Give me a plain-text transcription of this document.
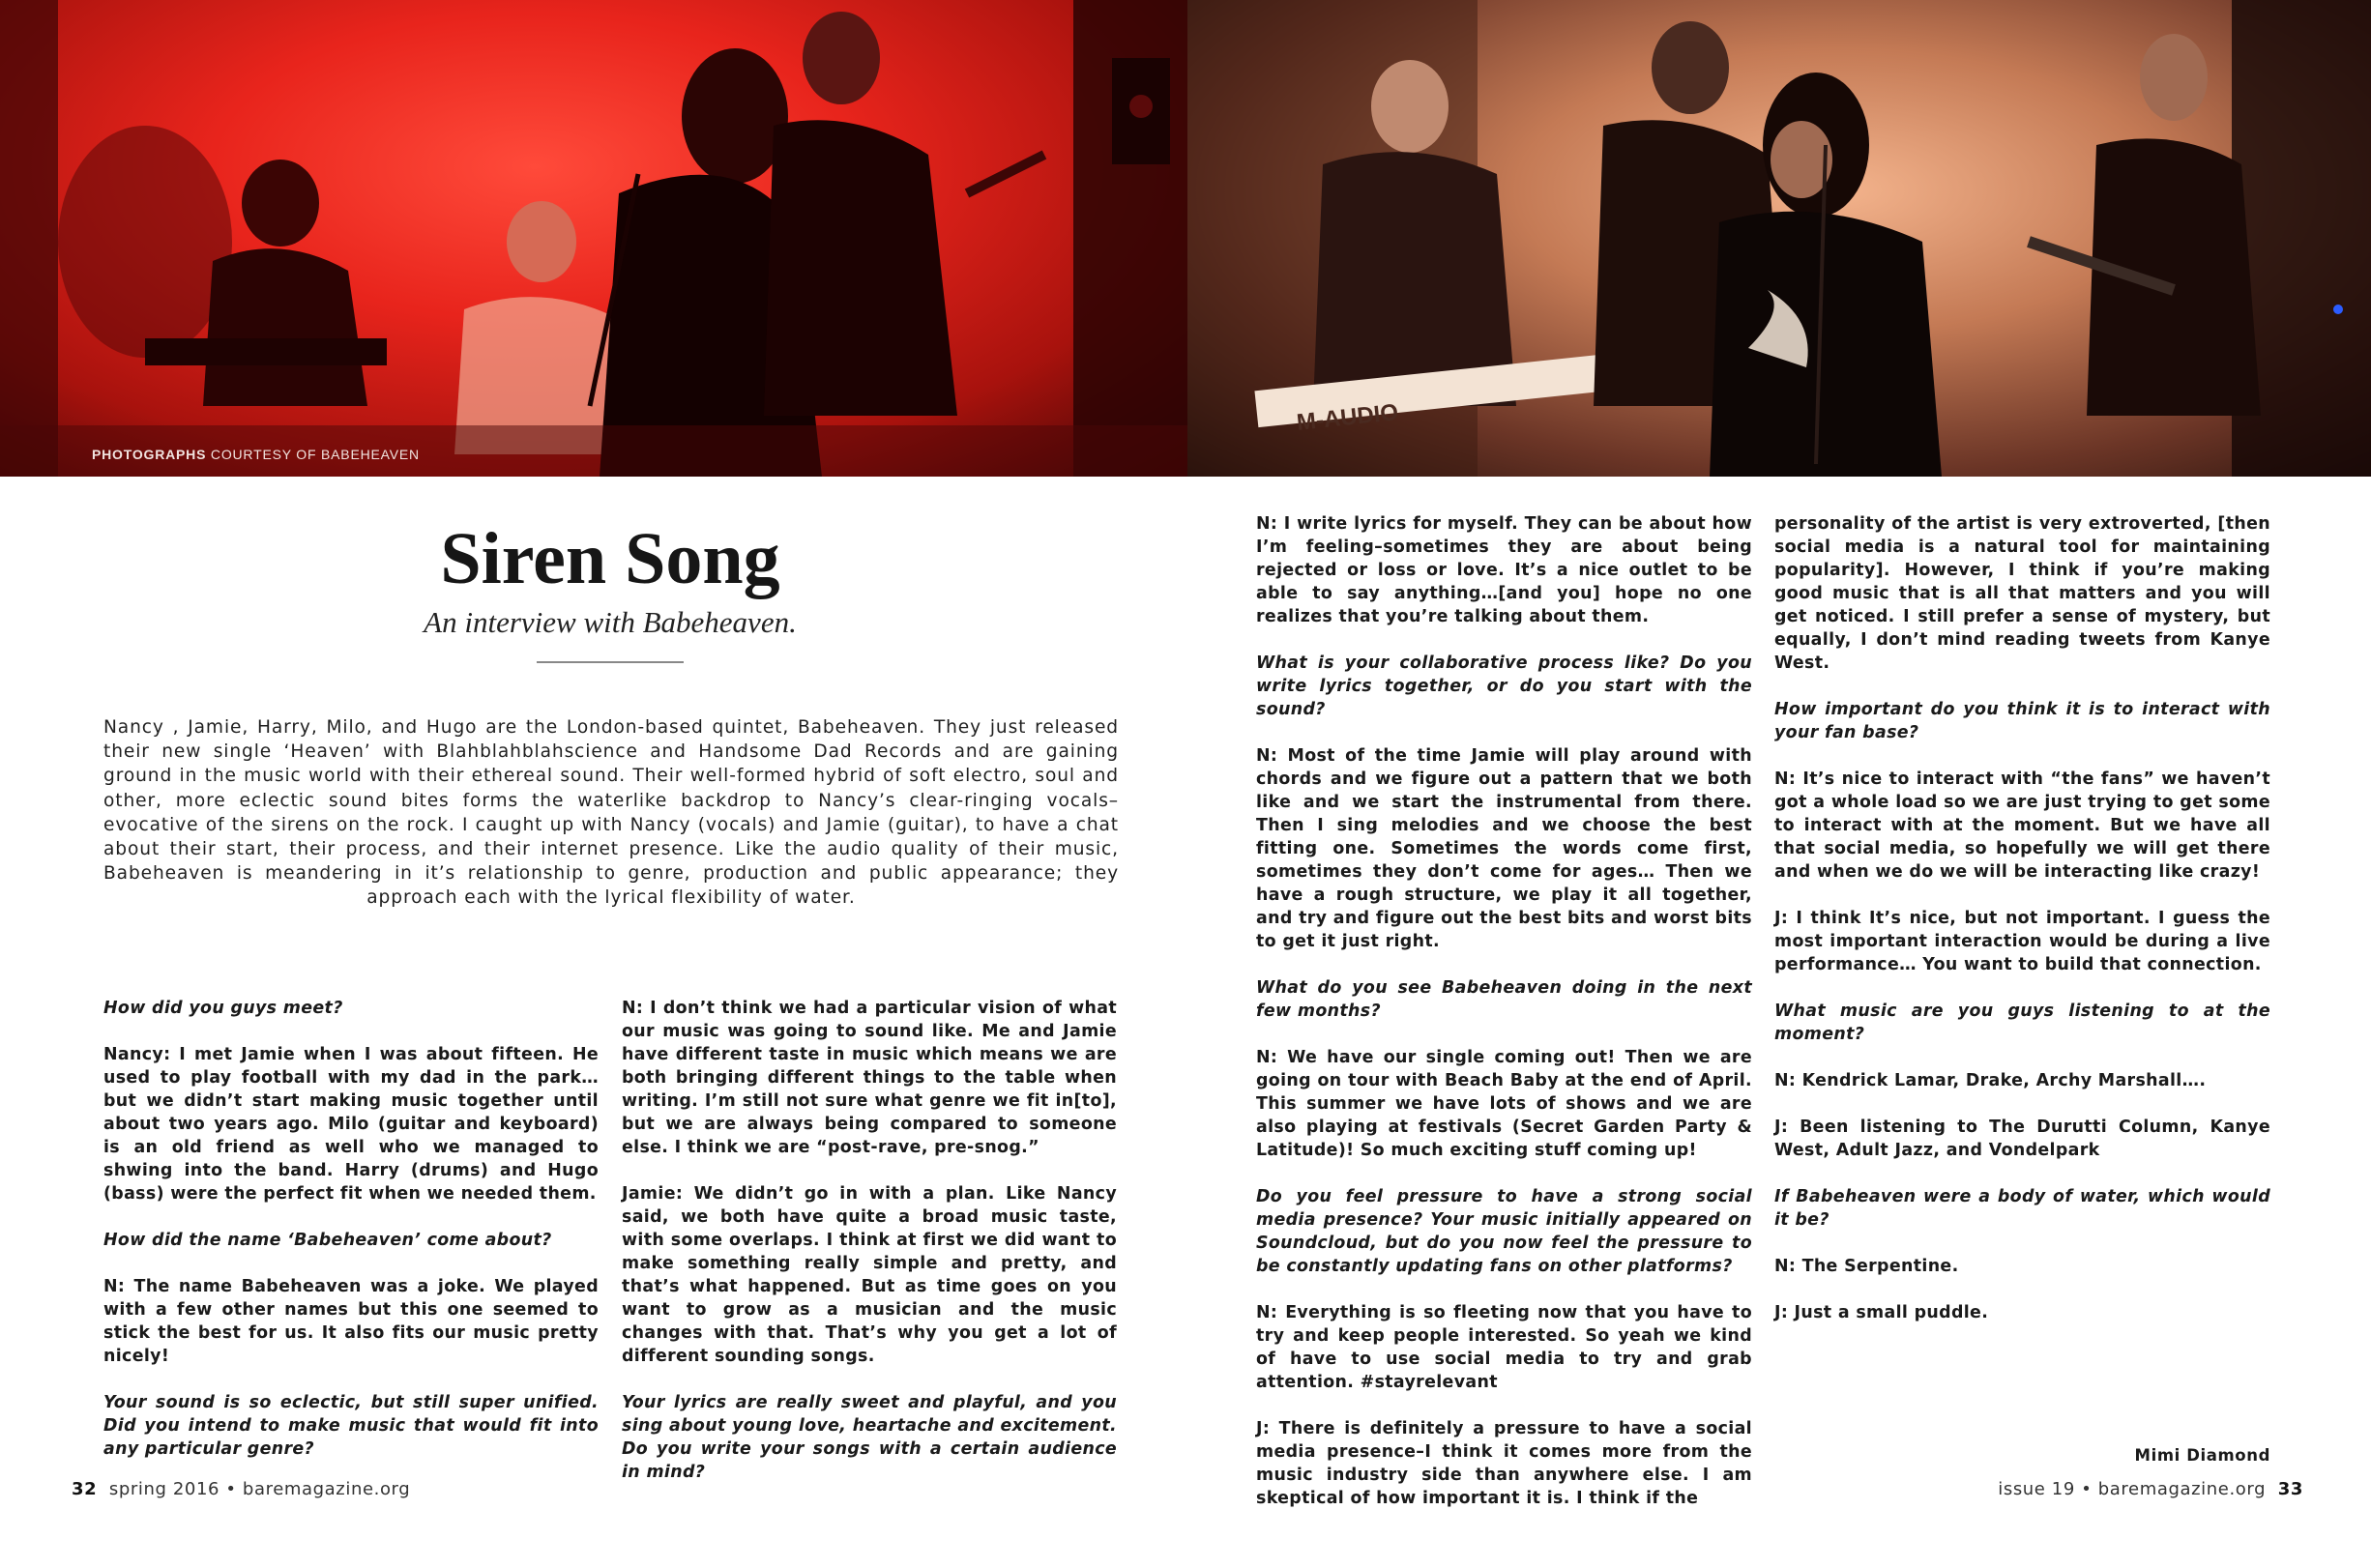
PHOTOGRAPHS COURTESY OF BABEHEAVEN
M-AUDIO
Siren Song
An interview with Babeheaven.
Nancy , Jamie, Harry, Milo, and Hugo are the London-based quintet, Babeheaven. They just released their new single ‘Heaven’ with Blahblahblahscience and Handsome Dad Records and are gaining ground in the music world with their ethereal sound. Their well-formed hybrid of soft electro, soul and other, more eclectic sound bites forms the waterlike backdrop to Nancy’s clear-ringing vocals–evocative of the sirens on the rock. I caught up with Nancy (vocals) and Jamie (guitar), to have a chat about their start, their process, and their internet presence. Like the audio quality of their music, Babeheaven is meandering in it’s relationship to genre, production and public appearance; they approach each with the lyrical flexibility of water.

How did you guys meet?

Nancy: I met Jamie when I was about fifteen. He used to play football with my dad in the park… but we didn’t start making music together until about two years ago. Milo (guitar and keyboard) is an old friend as well who we managed to shwing into the band. Harry (drums) and Hugo (bass) were the perfect fit when we needed them.

How did the name ‘Babeheaven’ come about?

N: The name Babeheaven was a joke. We played with a few other names but this one seemed to stick the best for us. It also fits our music pretty nicely!

Your sound is so eclectic, but still super unified. Did you intend to make music that would fit into any particular genre?

N: I don’t think we had a particular vision of what our music was going to sound like. Me and Jamie have different taste in music which means we are both bringing different things to the table when writing. I’m still not sure what genre we fit in[to], but we are always being compared to someone else. I think we are “post-rave, pre-snog.”

Jamie: We didn’t go in with a plan. Like Nancy said, we both have quite a broad music taste, with some overlaps. I think at first we did want to make something really simple and pretty, and that’s what happened. But as time goes on you want to grow as a musician and the music changes with that. That’s why you get a lot of different sounding songs.

Your lyrics are really sweet and playful, and you sing about young love, heartache and excitement. Do you write your songs with a certain audience in mind?

N: I write lyrics for myself. They can be about how I’m feeling–sometimes they are about being rejected or loss or love. It’s a nice outlet to be able to say anything…[and you] hope no one realizes that you’re talking about them.

What is your collaborative process like? Do you write lyrics together, or do you start with the sound?

N: Most of the time Jamie will play around with chords and we figure out a pattern that we both like and we start the instrumental from there. Then I sing melodies and we choose the best fitting one. Sometimes the words come first, sometimes they don’t come for ages… Then we have a rough structure, we play it all together, and try and figure out the best bits and worst bits to get it just right.

What do you see Babeheaven doing in the next few months?

N: We have our single coming out! Then we are going on tour with Beach Baby at the end of April. This summer we have lots of shows and we are also playing at festivals (Secret Garden Party & Latitude)! So much exciting stuff coming up!

Do you feel pressure to have a strong social media presence? Your music initially appeared on Soundcloud, but do you now feel the pressure to be constantly updating fans on other platforms?

N: Everything is so fleeting now that you have to try and keep people interested. So yeah we kind of have to use social media to try and grab attention. #stayrelevant

J: There is definitely a pressure to have a social media presence–I think it comes more from the music industry side than anywhere else. I am skeptical of how important it is. I think if the

personality of the artist is very extroverted, [then social media is a natural tool for maintaining popularity]. However, I think if you’re making good music that is all that matters and you will get noticed. I still prefer a sense of mystery, but equally, I don’t mind reading tweets from Kanye West.

How important do you think it is to interact with your fan base?

N: It’s nice to interact with “the fans” we haven’t got a whole load so we are just trying to get some to interact with at the moment. But we have all that social media, so hopefully we will get there and when we do we will be interacting like crazy!

J: I think It’s nice, but not important. I guess the most important interaction would be during a live performance… You want to build that connection.

What music are you guys listening to at the moment?

N: Kendrick Lamar, Drake, Archy Marshall….

J: Been listening to The Durutti Column, Kanye West, Adult Jazz, and Vondelpark

If Babeheaven were a body of water, which would it be?

N: The Serpentine.

J: Just a small puddle.

Mimi Diamond
32 spring 2016 • baremagazine.org	issue 19 • baremagazine.org 33
